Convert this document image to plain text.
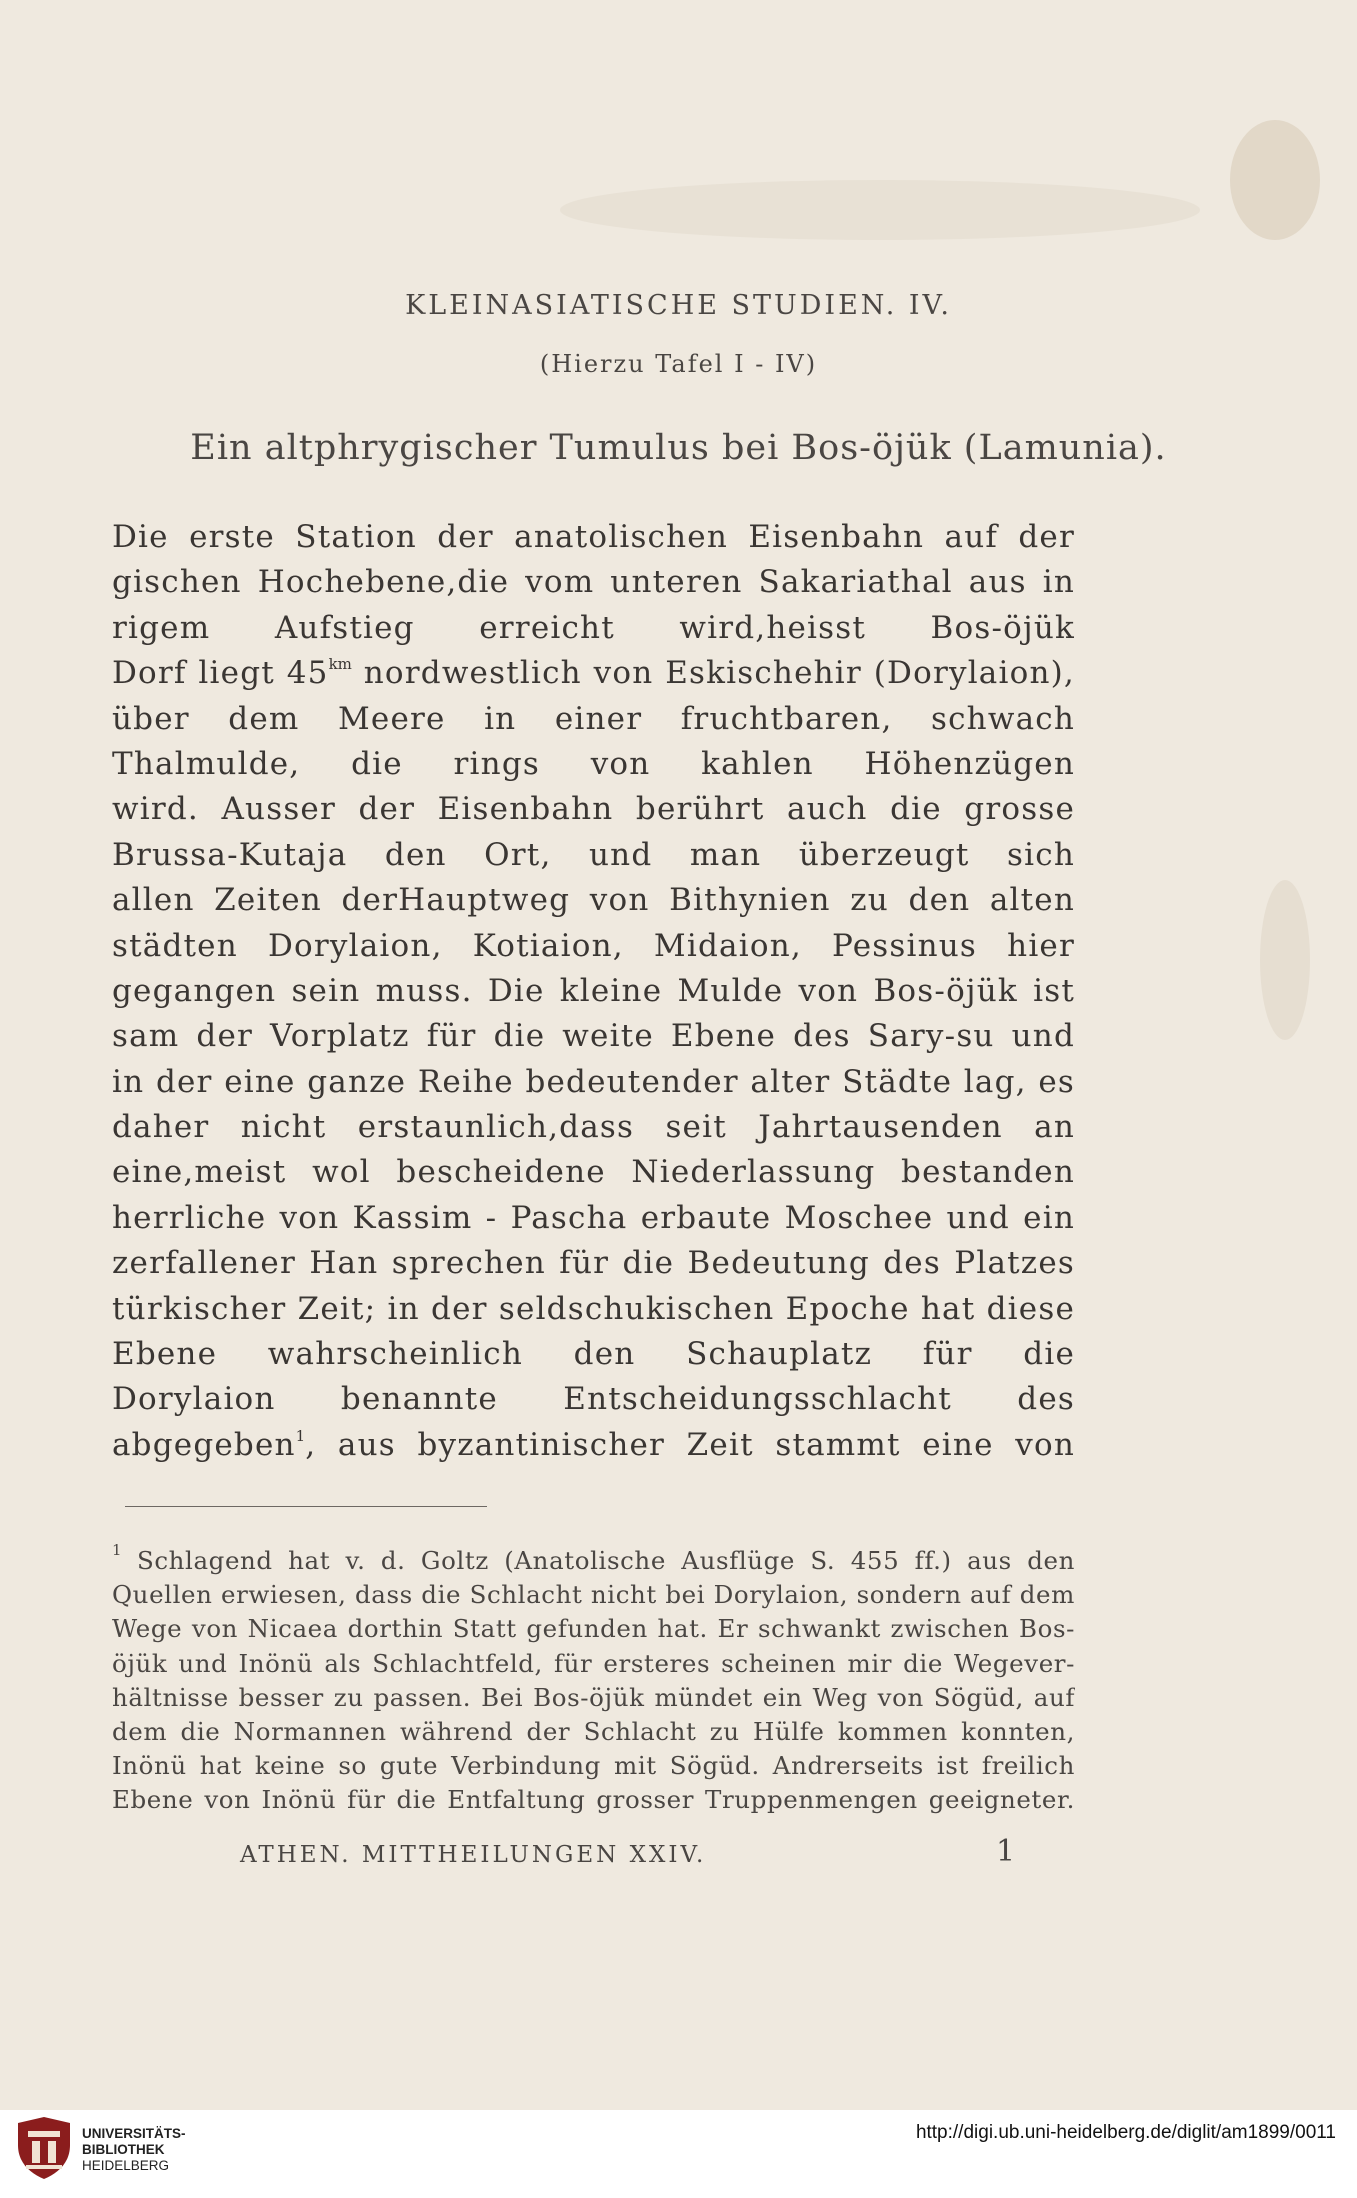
KLEINASIATISCHE STUDIEN. IV.
(Hierzu Tafel I - IV)
Ein altphrygischer Tumulus bei Bos-öjük (Lamunia).
Die erste Station der anatolischen Eisenbahn auf der
gischen Hochebene,die vom unteren Sakariathal aus in
rigem Aufstieg erreicht wird,heisst Bos-öjük
Dorf liegt $45^{km}$ nordwestlich von Eskischehir (Dorylaion),
über dem Meere in einer fruchtbaren, schwach
Thalmulde, die rings von kahlen Höhenzügen
wird. Ausser der Eisenbahn berührt auch die grosse
Brussa-Kutaja den Ort, und man überzeugt sich
allen Zeiten derHauptweg von Bithynien zu den alten
städten Dorylaion, Kotiaion, Midaion, Pessinus hier
gegangen sein muss. Die kleine Mulde von Bos-öjük ist
sam der Vorplatz für die weite Ebene des Sary-su und
in der eine ganze Reihe bedeutender alter Städte lag, es
daher nicht erstaunlich,dass seit Jahrtausenden an
eine,meist wol bescheidene Niederlassung bestanden
herrliche von Kassim - Pascha erbaute Moschee und ein
zerfallener Han sprechen für die Bedeutung des Platzes
türkischer Zeit; in der seldschukischen Epoche hat diese
Ebene wahrscheinlich den Schauplatz für die
Dorylaion benannte Entscheidungsschlacht des
abgegeben$^1$, aus byzantinischer Zeit stammt eine von
$^1$ Schlagend hat v. d. Goltz (Anatolische Ausflüge S. 455 ff.) aus den
Quellen erwiesen, dass die Schlacht nicht bei Dorylaion, sondern auf dem
Wege von Nicaea dorthin Statt gefunden hat. Er schwankt zwischen Bos-
öjük und Inönü als Schlachtfeld, für ersteres scheinen mir die Wegever-
hältnisse besser zu passen. Bei Bos-öjük mündet ein Weg von Sögüd, auf
dem die Normannen während der Schlacht zu Hülfe kommen konnten,
Inönü hat keine so gute Verbindung mit Sögüd. Andrerseits ist freilich
Ebene von Inönü für die Entfaltung grosser Truppenmengen geeigneter.
ATHEN. MITTHEILUNGEN XXIV.	1
UNIVERSITÄTS-
BIBLIOTHEK
HEIDELBERG
http://digi.ub.uni-heidelberg.de/diglit/am1899/0011
